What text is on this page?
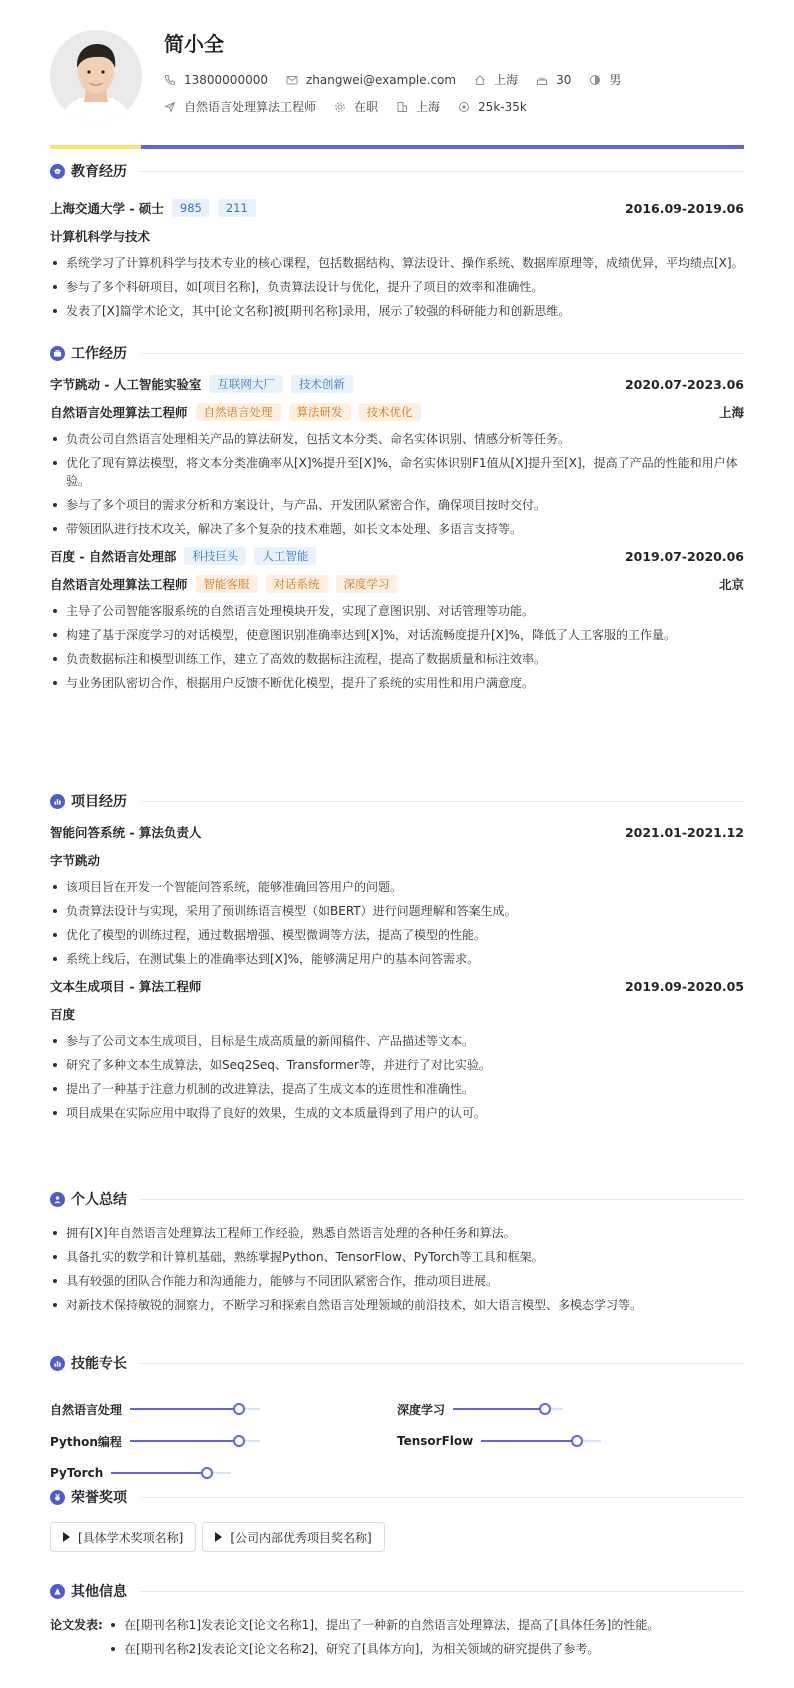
简小全
13800000000	zhangwei@example.com	上海	30	男
自然语言处理算法工程师	在职	上海	25k-35k
教育经历
上海交通大学 - 硕士	985	211	2016.09-2019.06
计算机科学与技术
系统学习了计算机科学与技术专业的核心课程，包括数据结构、算法设计、操作系统、数据库原理等，成绩优异，平均绩点[X]。
参与了多个科研项目，如[项目名称]，负责算法设计与优化，提升了项目的效率和准确性。
发表了[X]篇学术论文，其中[论文名称]被[期刊名称]录用，展示了较强的科研能力和创新思维。
工作经历
字节跳动 - 人工智能实验室	互联网大厂	技术创新	2020.07-2023.06
自然语言处理算法工程师	自然语言处理	算法研发	技术优化	上海
负责公司自然语言处理相关产品的算法研发，包括文本分类、命名实体识别、情感分析等任务。
优化了现有算法模型，将文本分类准确率从[X]%提升至[X]%，命名实体识别F1值从[X]提升至[X]，提高了产品的性能和用户体验。
参与了多个项目的需求分析和方案设计，与产品、开发团队紧密合作，确保项目按时交付。
带领团队进行技术攻关，解决了多个复杂的技术难题，如长文本处理、多语言支持等。
百度 - 自然语言处理部	科技巨头	人工智能	2019.07-2020.06
自然语言处理算法工程师	智能客服	对话系统	深度学习	北京
主导了公司智能客服系统的自然语言处理模块开发，实现了意图识别、对话管理等功能。
构建了基于深度学习的对话模型，使意图识别准确率达到[X]%，对话流畅度提升[X]%，降低了人工客服的工作量。
负责数据标注和模型训练工作，建立了高效的数据标注流程，提高了数据质量和标注效率。
与业务团队密切合作，根据用户反馈不断优化模型，提升了系统的实用性和用户满意度。
项目经历
智能问答系统 - 算法负责人	2021.01-2021.12
字节跳动
该项目旨在开发一个智能问答系统，能够准确回答用户的问题。
负责算法设计与实现，采用了预训练语言模型（如BERT）进行问题理解和答案生成。
优化了模型的训练过程，通过数据增强、模型微调等方法，提高了模型的性能。
系统上线后，在测试集上的准确率达到[X]%，能够满足用户的基本问答需求。
文本生成项目 - 算法工程师	2019.09-2020.05
百度
参与了公司文本生成项目，目标是生成高质量的新闻稿件、产品描述等文本。
研究了多种文本生成算法，如Seq2Seq、Transformer等，并进行了对比实验。
提出了一种基于注意力机制的改进算法，提高了生成文本的连贯性和准确性。
项目成果在实际应用中取得了良好的效果，生成的文本质量得到了用户的认可。
个人总结
拥有[X]年自然语言处理算法工程师工作经验，熟悉自然语言处理的各种任务和算法。
具备扎实的数学和计算机基础，熟练掌握Python、TensorFlow、PyTorch等工具和框架。
具有较强的团队合作能力和沟通能力，能够与不同团队紧密合作，推动项目进展。
对新技术保持敏锐的洞察力，不断学习和探索自然语言处理领域的前沿技术，如大语言模型、多模态学习等。
技能专长
自然语言处理	深度学习
Python编程	TensorFlow
PyTorch
荣誉奖项
[具体学术奖项名称]	[公司内部优秀项目奖名称]
其他信息
论文发表:	在[期刊名称1]发表论文[论文名称1]，提出了一种新的自然语言处理算法，提高了[具体任务]的性能。
在[期刊名称2]发表论文[论文名称2]，研究了[具体方向]，为相关领域的研究提供了参考。
